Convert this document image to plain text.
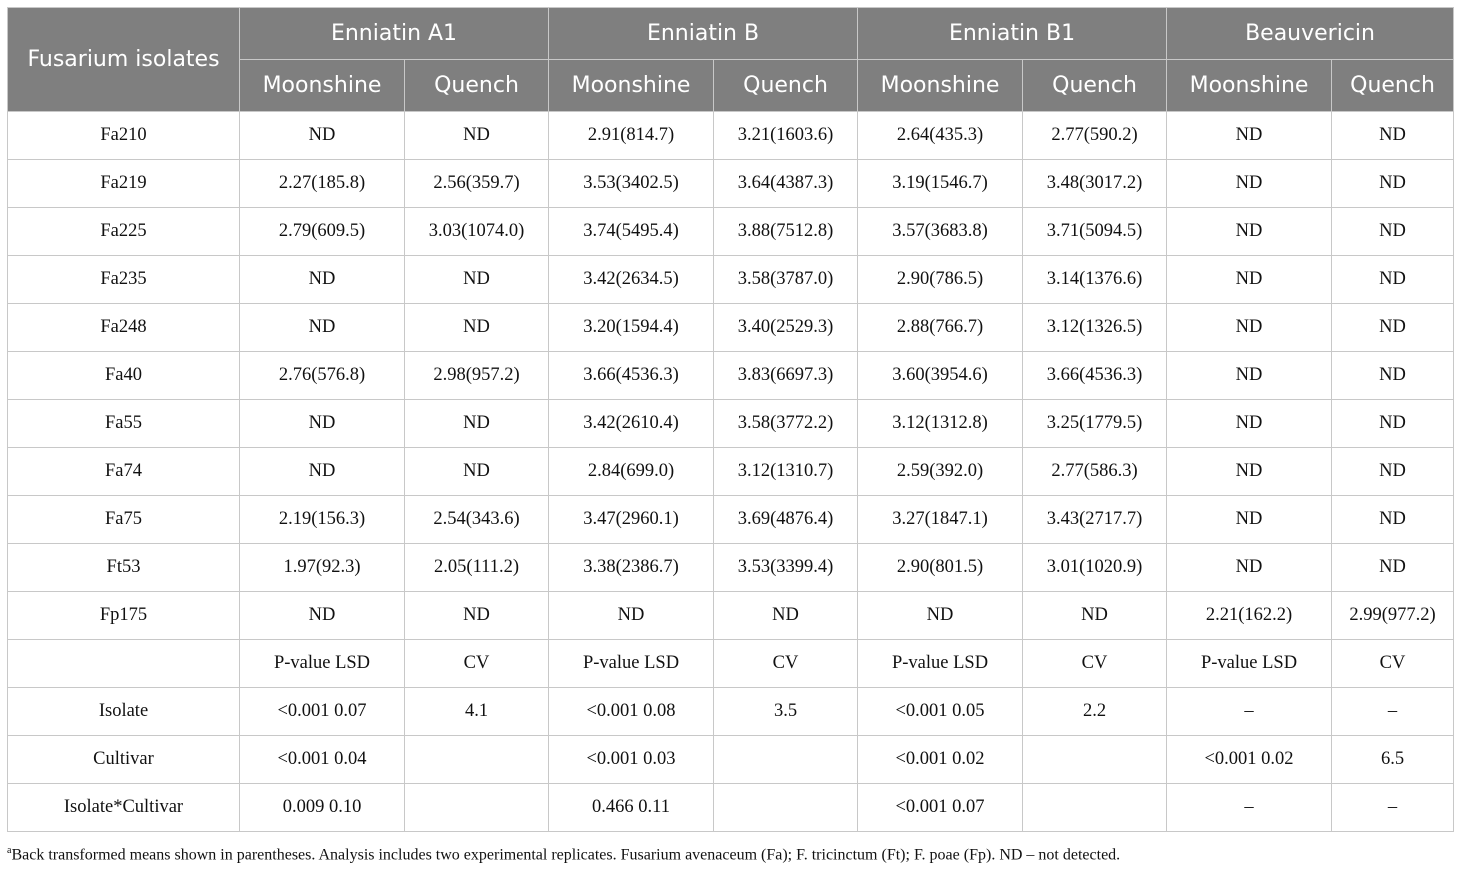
Fusarium isolates	Enniatin A1		Enniatin B		Enniatin B1		Beauvericin	
	Moonshine	Quench	Moonshine	Quench	Moonshine	Quench	Moonshine	Quench
Fa210	ND	ND	2.91(814.7)	3.21(1603.6)	2.64(435.3)	2.77(590.2)	ND	ND
Fa219	2.27(185.8)	2.56(359.7)	3.53(3402.5)	3.64(4387.3)	3.19(1546.7)	3.48(3017.2)	ND	ND
Fa225	2.79(609.5)	3.03(1074.0)	3.74(5495.4)	3.88(7512.8)	3.57(3683.8)	3.71(5094.5)	ND	ND
Fa235	ND	ND	3.42(2634.5)	3.58(3787.0)	2.90(786.5)	3.14(1376.6)	ND	ND
Fa248	ND	ND	3.20(1594.4)	3.40(2529.3)	2.88(766.7)	3.12(1326.5)	ND	ND
Fa40	2.76(576.8)	2.98(957.2)	3.66(4536.3)	3.83(6697.3)	3.60(3954.6)	3.66(4536.3)	ND	ND
Fa55	ND	ND	3.42(2610.4)	3.58(3772.2)	3.12(1312.8)	3.25(1779.5)	ND	ND
Fa74	ND	ND	2.84(699.0)	3.12(1310.7)	2.59(392.0)	2.77(586.3)	ND	ND
Fa75	2.19(156.3)	2.54(343.6)	3.47(2960.1)	3.69(4876.4)	3.27(1847.1)	3.43(2717.7)	ND	ND
Ft53	1.97(92.3)	2.05(111.2)	3.38(2386.7)	3.53(3399.4)	2.90(801.5)	3.01(1020.9)	ND	ND
Fp175	ND	ND	ND	ND	ND	ND	2.21(162.2)	2.99(977.2)
	P-value LSD	CV	P-value LSD	CV	P-value LSD	CV	P-value LSD	CV
Isolate	<0.001 0.07	4.1	<0.001 0.08	3.5	<0.001 0.05	2.2	–	–
Cultivar	<0.001 0.04		<0.001 0.03		<0.001 0.02		<0.001 0.02	6.5
Isolate*Cultivar	0.009 0.10		0.466 0.11		<0.001 0.07		–	–
$^a$Back transformed means shown in parentheses. Analysis includes two experimental replicates. Fusarium avenaceum (Fa); F. tricinctum (Ft); F. poae (Fp). ND – not detected.
